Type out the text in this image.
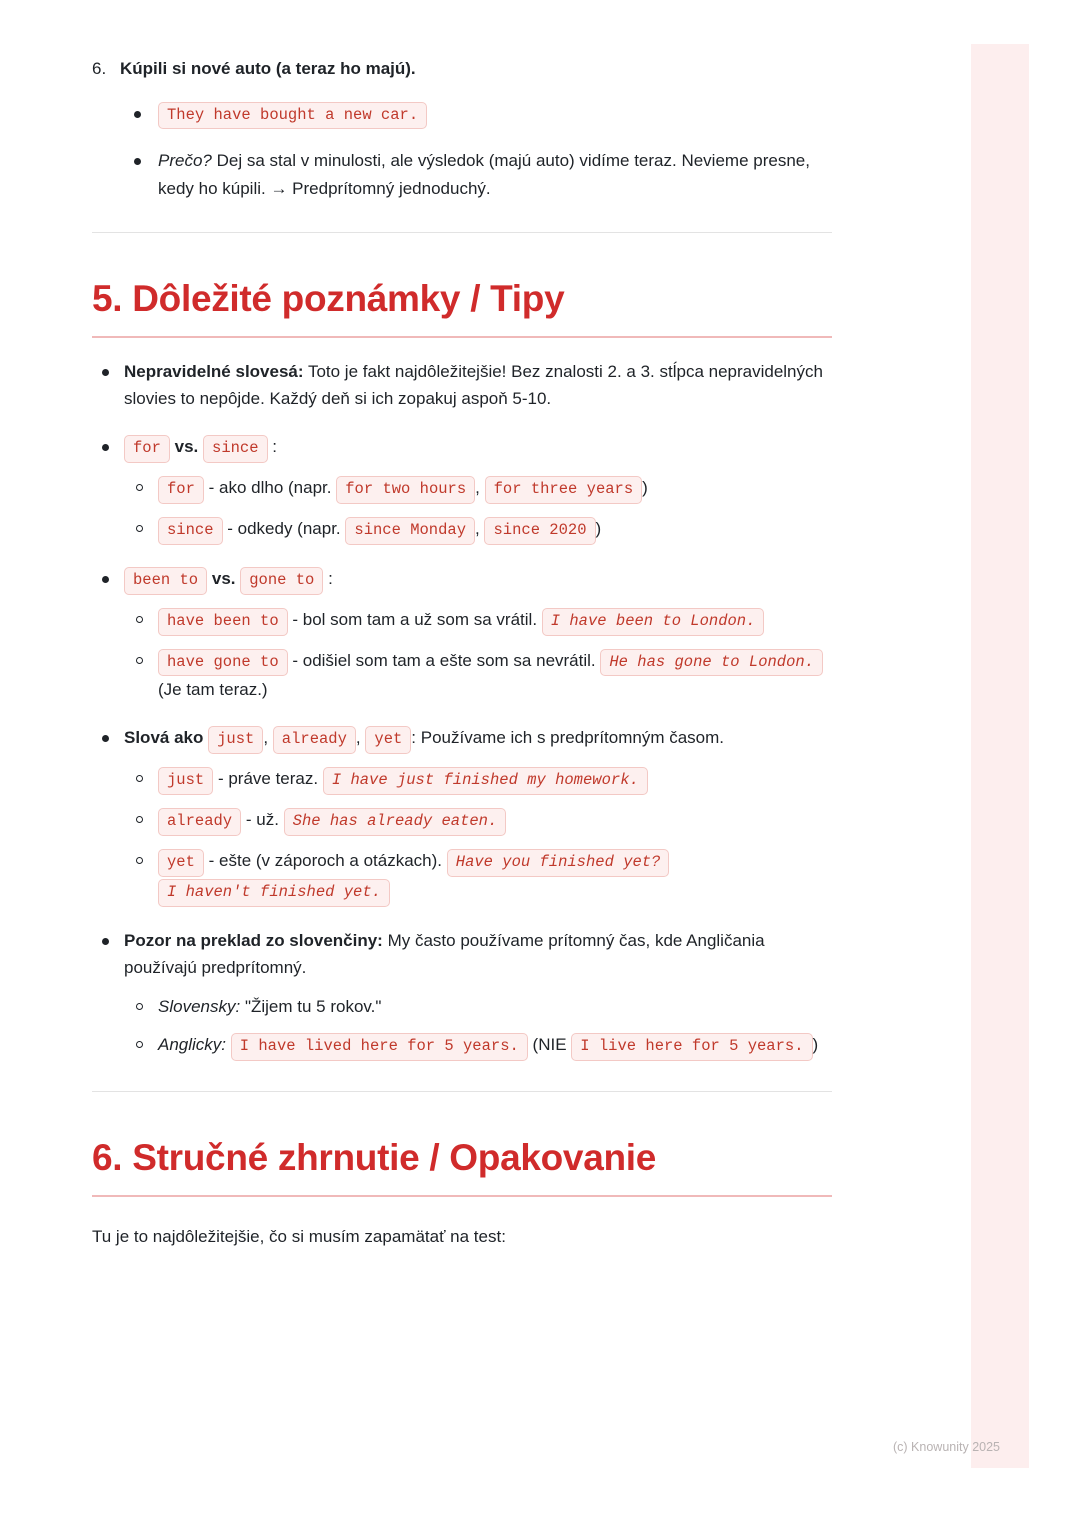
6. Kúpili si nové auto (a teraz ho majú).
They have bought a new car.
Prečo? Dej sa stal v minulosti, ale výsledok (majú auto) vidíme teraz. Nevieme presne, kedy ho kúpili. → Predprítomný jednoduchý.
5. Dôležité poznámky / Tipy
Nepravidelné slovesá: Toto je fakt najdôležitejšie! Bez znalosti 2. a 3. stĺpca nepravidelných slovies to nepôjde. Každý deň si ich zopakuj aspoň 5-10.
for vs. since :
for - ako dlho (napr. for two hours , for three years )
since - odkedy (napr. since Monday , since 2020 )
been to vs. gone to :
have been to - bol som tam a už som sa vrátil. I have been to London.
have gone to - odišiel som tam a ešte som sa nevrátil. He has gone to London. (Je tam teraz.)
Slová ako just , already , yet : Používame ich s predprítomným časom.
just - práve teraz. I have just finished my homework.
already - už. She has already eaten.
yet - ešte (v záporoch a otázkach). Have you finished yet? I haven't finished yet.
Pozor na preklad zo slovenčiny: My často používame prítomný čas, kde Angličania používajú predprítomný.
Slovensky: "Žijem tu 5 rokov."
Anglicky: I have lived here for 5 years. (NIE I live here for 5 years. )
6. Stručné zhrnutie / Opakovanie
Tu je to najdôležitejšie, čo si musím zapamätať na test:
(c) Knowunity 2025
